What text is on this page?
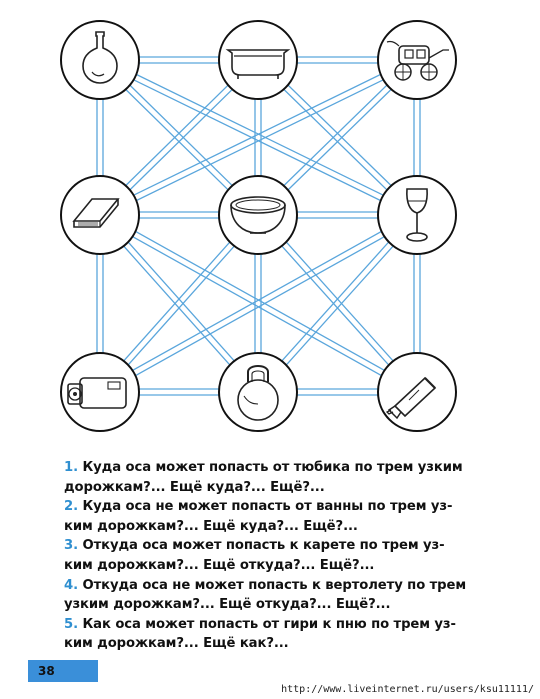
1. Куда оса может попасть от тюбика по трем узким
дорожкам?... Ещё куда?... Ещё?...

2. Куда оса не может попасть от ванны по трем уз-
ким дорожкам?... Ещё куда?... Ещё?...

3. Откуда оса может попасть к карете по трем уз-
ким дорожкам?... Ещё откуда?... Ещё?...

4. Откуда оса не может попасть к вертолету по трем
узким дорожкам?... Ещё откуда?... Ещё?...

5. Как оса может попасть от гири к пню по трем уз-
ким дорожкам?... Ещё как?...

38
http://www.liveinternet.ru/users/ksu11111/
